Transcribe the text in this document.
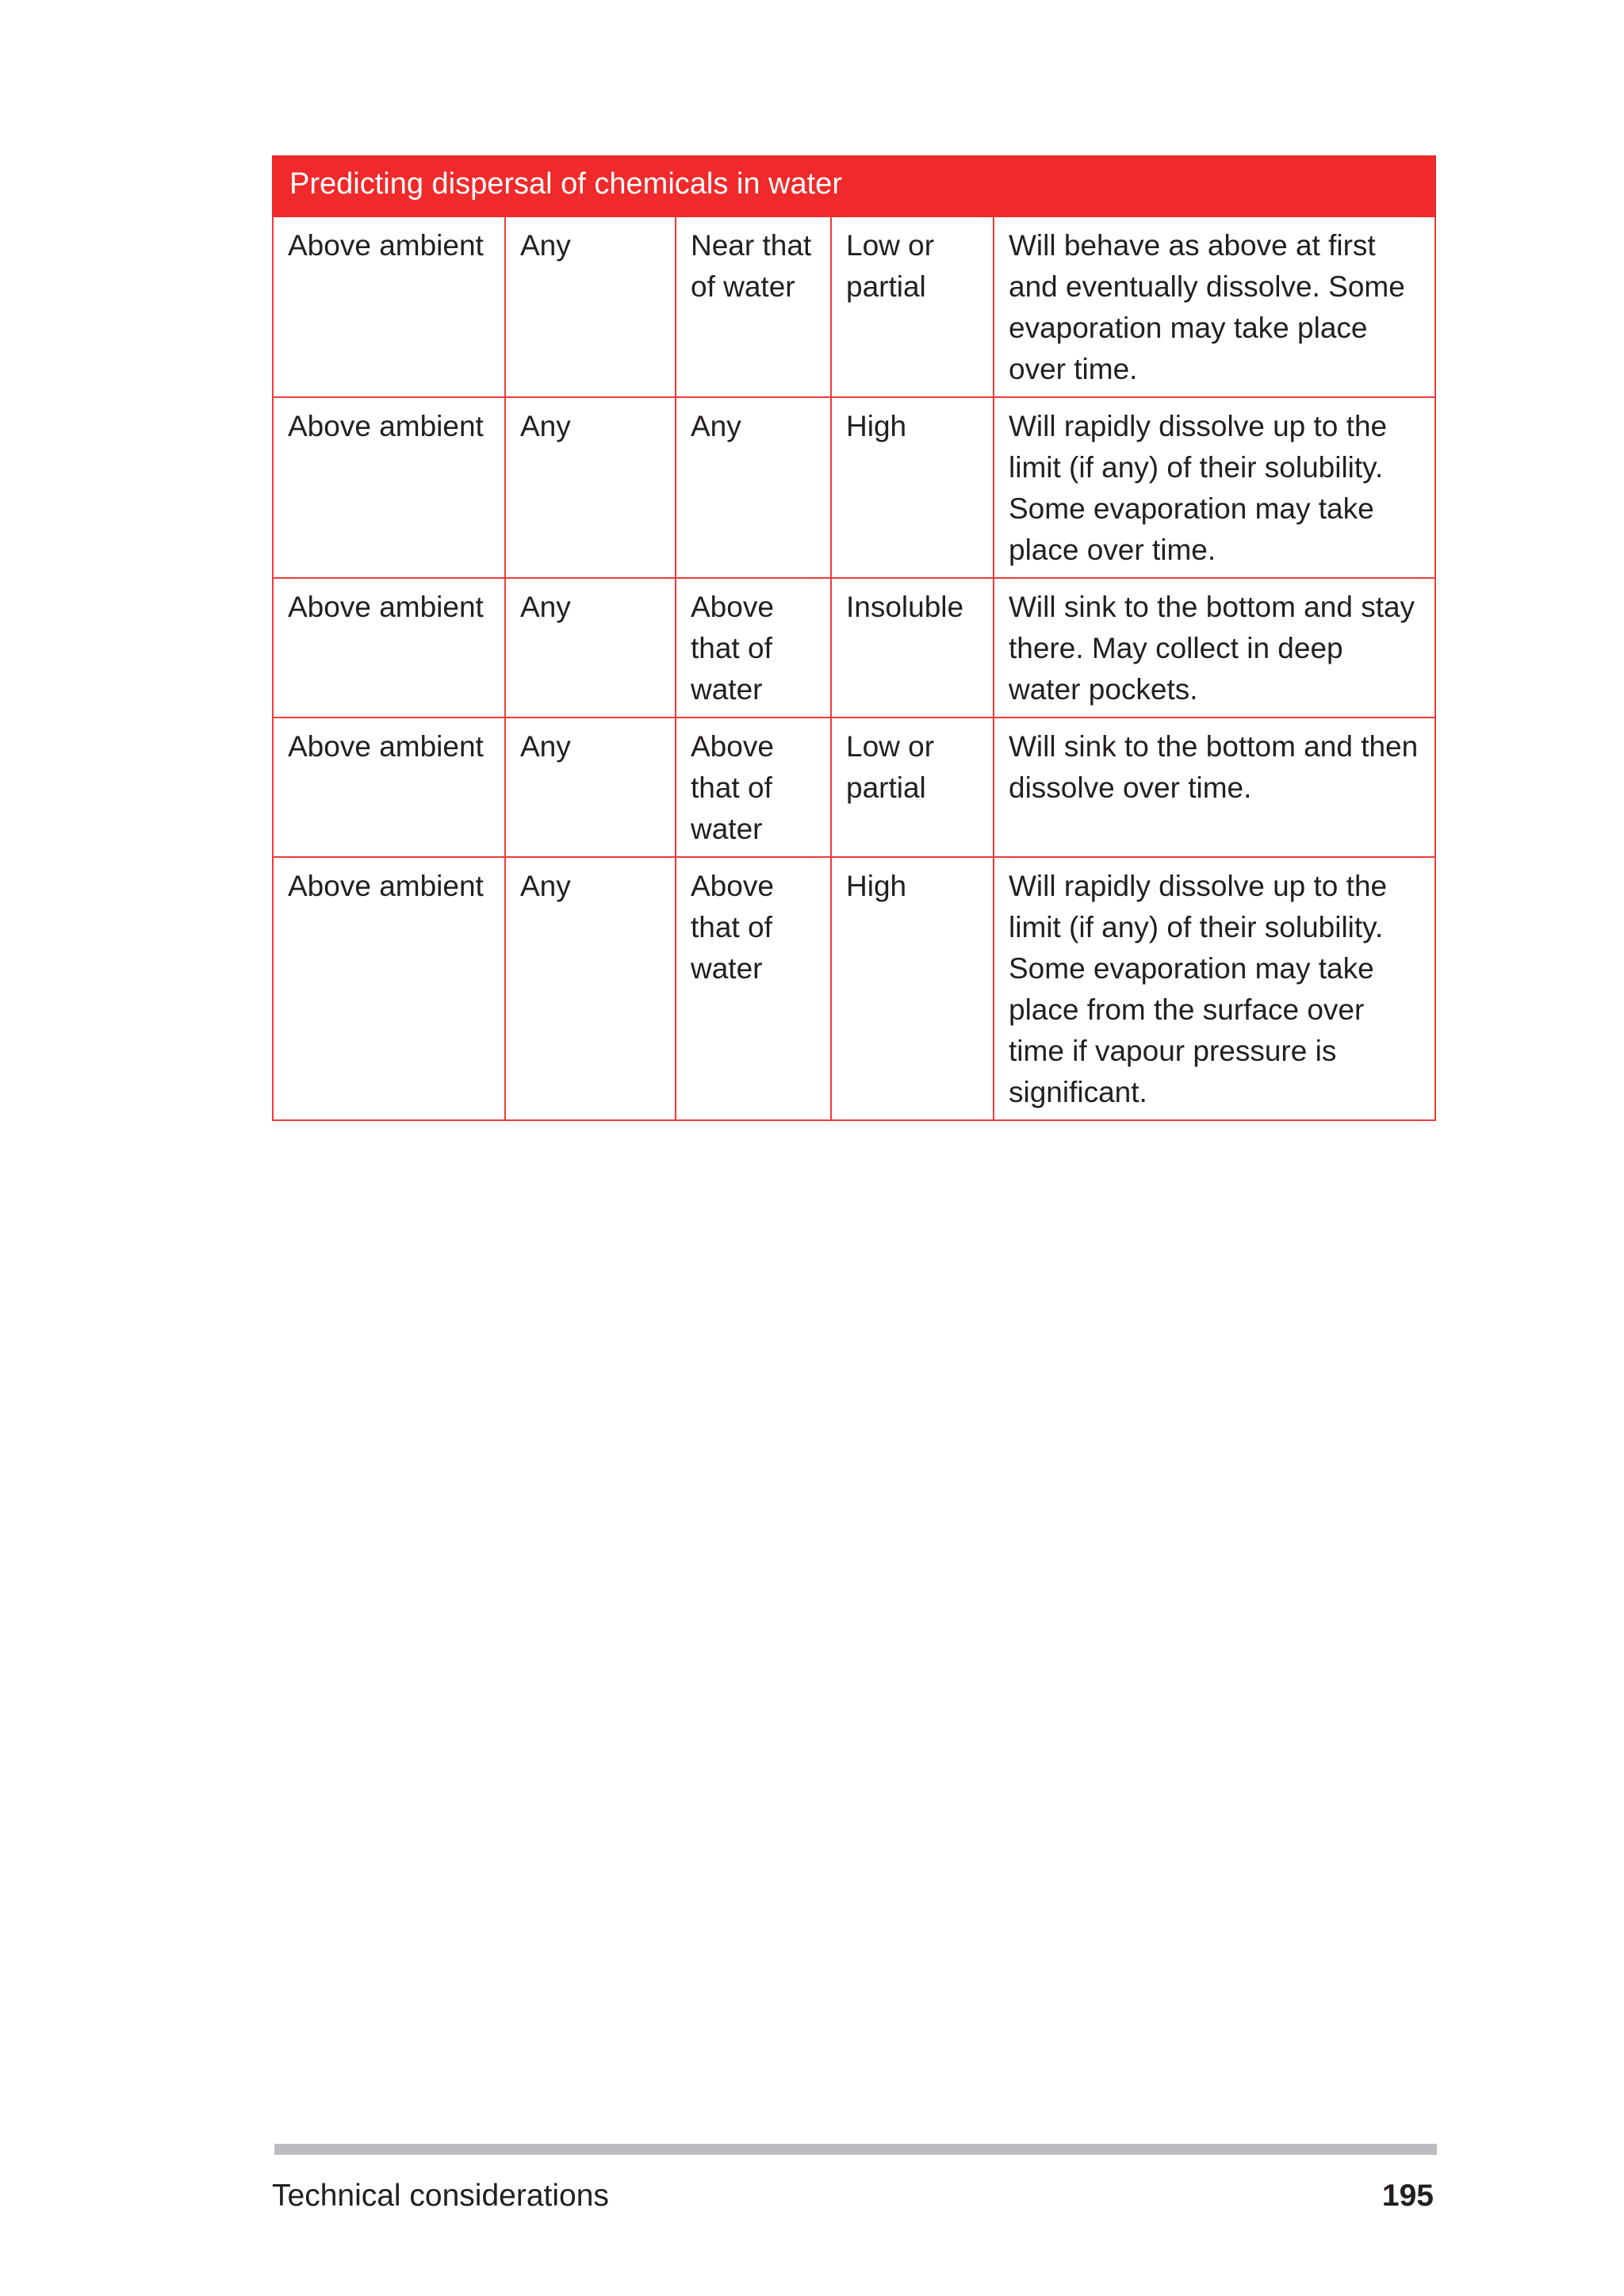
Predicting dispersal of chemicals in water				
Above ambient	Any	Near that of water	Low or partial	Will behave as above at first and eventually dissolve. Some evaporation may take place over time.
Above ambient	Any	Any	High	Will rapidly dissolve up to the limit (if any) of their solubility. Some evaporation may take place over time.
Above ambient	Any	Above that of water	Insoluble	Will sink to the bottom and stay there. May collect in deep water pockets.
Above ambient	Any	Above that of water	Low or partial	Will sink to the bottom and then dissolve over time.
Above ambient	Any	Above that of water	High	Will rapidly dissolve up to the limit (if any) of their solubility. Some evaporation may take place from the surface over time if vapour pressure is significant.
Technical considerations	195
